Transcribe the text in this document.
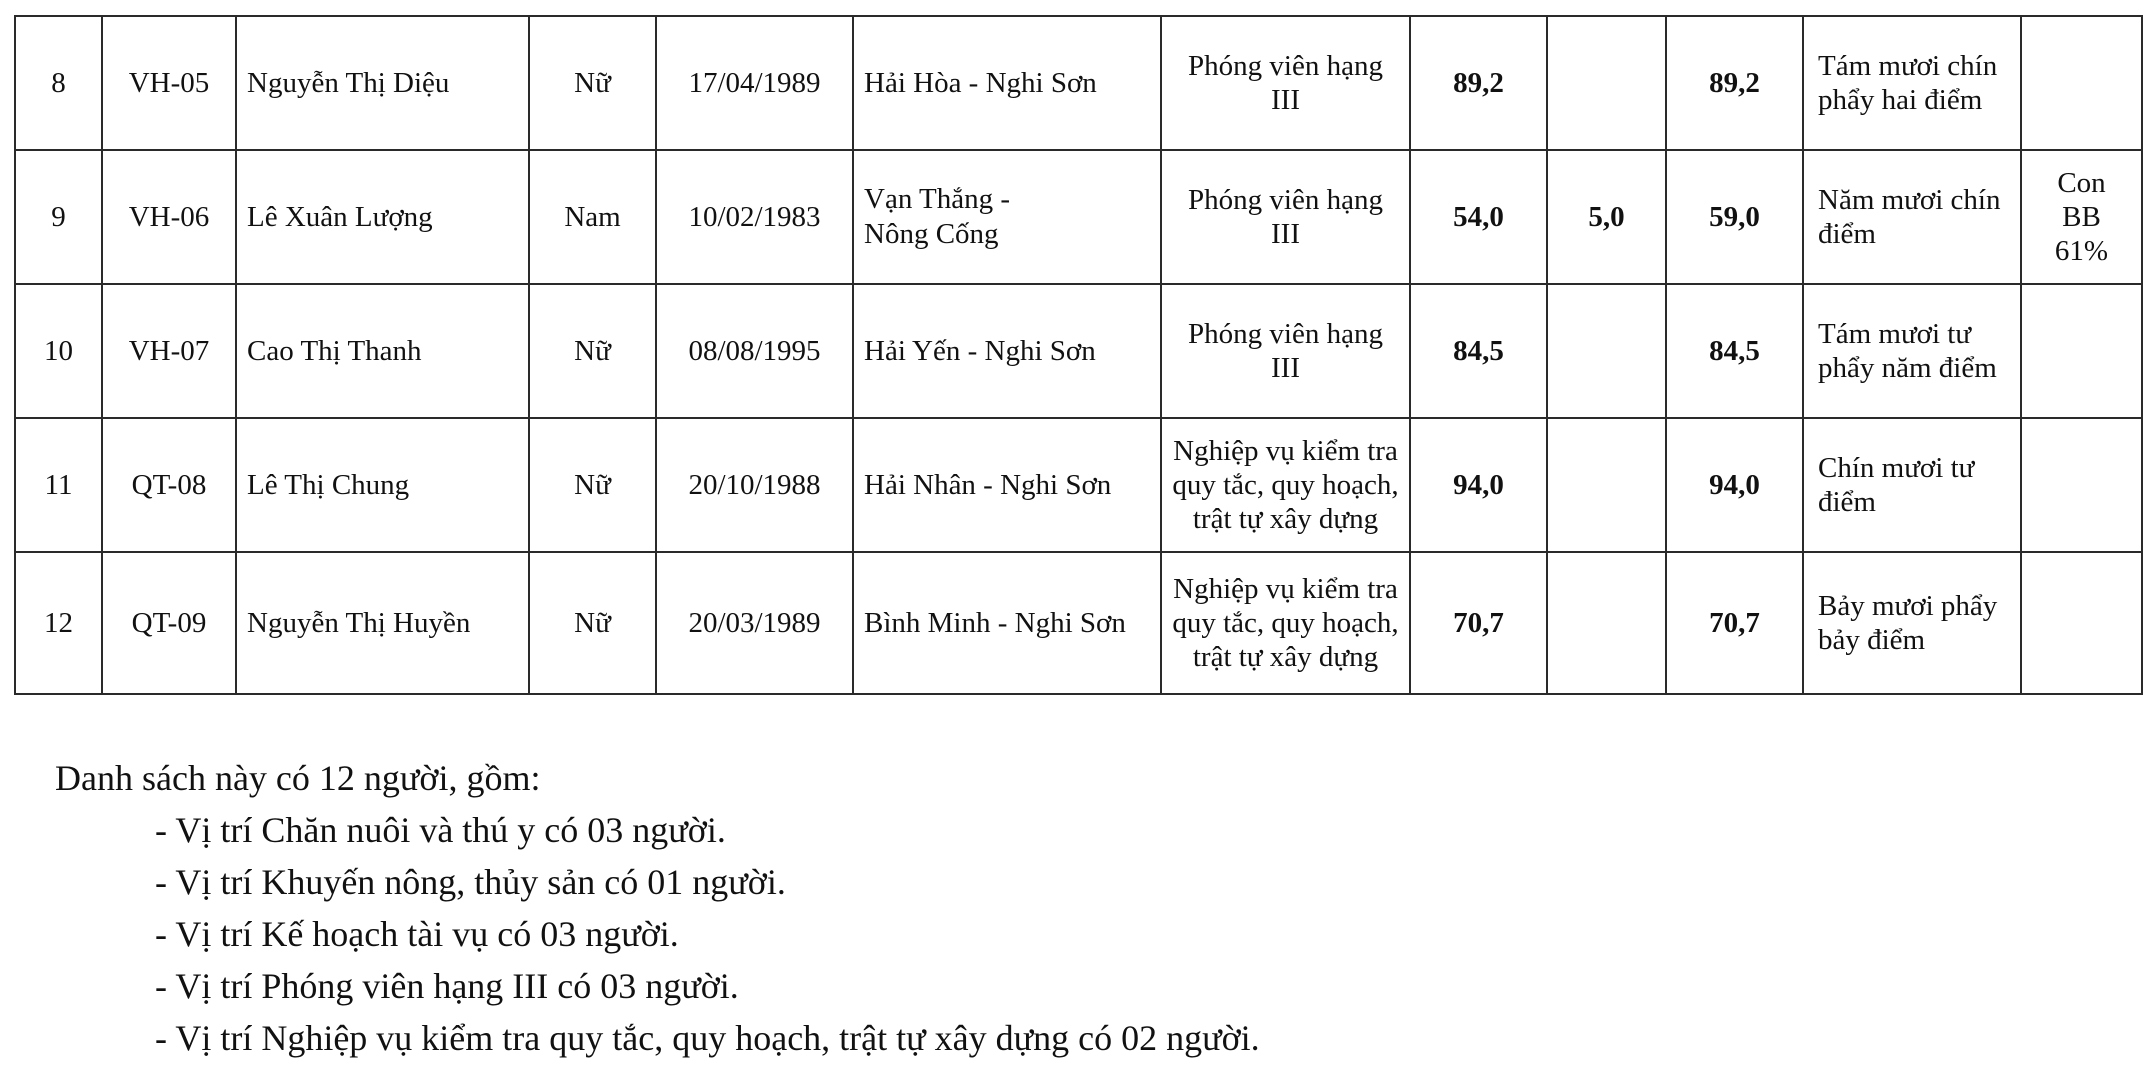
8	VH-05	Nguyễn Thị Diệu	Nữ	17/04/1989	Hải Hòa - Nghi Sơn	Phóng viên hạng III	89,2		89,2	Tám mươi chín phẩy hai điểm	
9	VH-06	Lê Xuân Lượng	Nam	10/02/1983	Vạn Thắng - Nông Cống	Phóng viên hạng III	54,0	5,0	59,0	Năm mươi chín điểm	Con BB 61%
10	VH-07	Cao Thị Thanh	Nữ	08/08/1995	Hải Yến - Nghi Sơn	Phóng viên hạng III	84,5		84,5	Tám mươi tư phẩy năm điểm	
11	QT-08	Lê Thị Chung	Nữ	20/10/1988	Hải Nhân - Nghi Sơn	Nghiệp vụ kiểm tra quy tắc, quy hoạch, trật tự xây dựng	94,0		94,0	Chín mươi tư điểm	
12	QT-09	Nguyễn Thị Huyền	Nữ	20/03/1989	Bình Minh - Nghi Sơn	Nghiệp vụ kiểm tra quy tắc, quy hoạch, trật tự xây dựng	70,7		70,7	Bảy mươi phẩy bảy điểm	

Danh sách này có 12 người, gồm:

- Vị trí Chăn nuôi và thú y có 03 người.
- Vị trí Khuyến nông, thủy sản có 01 người.
- Vị trí Kế hoạch tài vụ có 03 người.
- Vị trí Phóng viên hạng III có 03 người.
- Vị trí Nghiệp vụ kiểm tra quy tắc, quy hoạch, trật tự xây dựng có 02 người.
